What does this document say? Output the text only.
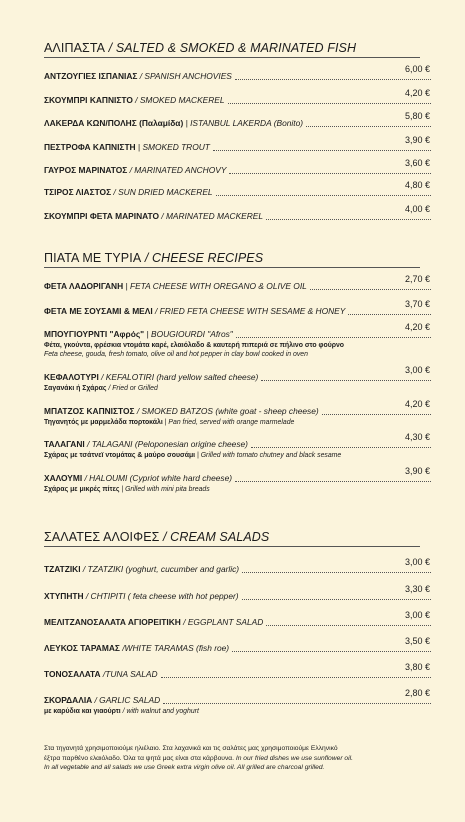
ΑΛΙΠΑΣΤΑ / SALTED & SMOKED & MARINATED FISH
ΑΝΤΖΟΥΓΙΕΣ ΙΣΠΑΝΙΑΣ / SPANISH ANCHOVIES
6,00 €
ΣΚΟΥΜΠΡΙ ΚΑΠΝΙΣΤΟ / SMOKED MACKEREL
4,20 €
ΛΑΚΕΡΔΑ ΚΩΝ/ΠΟΛΗΣ (Παλαμίδα) | ISTANBUL LAKERDA (Bonito)
5,80 €
ΠΕΣΤΡΟΦΑ ΚΑΠΝΙΣΤΗ | SMOKED TROUT
3,90 €
ΓΑΥΡΟΣ ΜΑΡΙΝΑΤΟΣ / MARINATED ANCHOVY
3,60 €
ΤΣΙΡΟΣ ΛΙΑΣΤΟΣ / SUN DRIED MACKEREL
4,80 €
ΣΚΟΥΜΠΡΙ ΦΕΤΑ ΜΑΡΙΝΑΤΟ / MARINATED MACKEREL
4,00 €
ΠΙΑΤΑ ΜΕ ΤΥΡΙΑ / CHEESE RECIPES
ΦΕΤΑ ΛΑΔΟΡΙΓΑΝΗ | FETA CHEESE WITH OREGANO & OLIVE OIL
2,70 €
ΦΕΤΑ ΜΕ ΣΟΥΣΑΜΙ & ΜΕΛΙ / FRIED FETA CHEESE WITH SESAME & HONEY
3,70 €
ΜΠΟΥΓΙΟΥΡΝΤΙ "Αφρός" | BOUGIOURDI "Afros"
4,20 €
Φέτα, γκούντα, φρέσκια ντομάτα καρέ, ελαιόλαδο & καυτερή πιπεριά σε πήλινο στο φούρνο
Feta cheese, gouda, fresh tomato, olive oil and hot pepper in clay bowl cooked in oven
ΚΕΦΑΛΟΤΥΡΙ / KEFALOTIRI (hard yellow salted cheese)
3,00 €
Σαγανάκι ή Σχάρας / Fried or Grilled
ΜΠΑΤΖΟΣ ΚΑΠΝΙΣΤΟΣ / SMOKED BATZOS (white goat - sheep cheese)
4,20 €
Τηγανητός με μαρμελάδα πορτοκάλι | Pan fried, served with orange marmelade
ΤΑΛΑΓΑΝΙ / TALAGANI (Peloponesian origine cheese)
4,30 €
Σχάρας με τσάτνεϊ ντομάτας & μαύρο σουσάμι | Grilled with tomato chutney and black sesame
ΧΑΛΟΥΜΙ / HALOUMI (Cypriot white hard cheese)
3,90 €
Σχάρας με μικρές πίτες | Grilled with mini pita breads
ΣΑΛΑΤΕΣ ΑΛΟΙΦΕΣ / CREAM SALADS
ΤΖΑΤΖΙΚΙ / TZATZIKI (yoghurt, cucumber and garlic)
3,00 €
ΧΤΥΠΗΤΗ / CHTIPITI ( feta cheese with hot pepper)
3,30 €
ΜΕΛΙΤΖΑΝΟΣΑΛΑΤΑ ΑΓΙΟΡΕΙΤΙΚΗ / EGGPLANT SALAD
3,00 €
ΛΕΥΚΟΣ ΤΑΡΑΜΑΣ /WHITE TARAMAS (fish roe)
3,50 €
ΤΟΝΟΣΑΛΑΤΑ /TUNA SALAD
3,80 €
ΣΚΟΡΔΑΛΙΑ / GARLIC SALAD
2,80 €
με καρύδια και γιαούρτι / with walnut and yoghurt
Στα τηγανητά χρησιμοποιούμε ηλιέλαιο. Στα λαχανικά και τις σαλάτες μας χρησιμοποιούμε Ελληνικό
έξτρα παρθένο ελαιόλαδο. Όλα τα ψητά μας είναι στα κάρβουνα. In our fried dishes we use sunflower oil.
In all vegetable and all salads we use Greek extra virgin olive oil. All grilled are charcoal grilled.
